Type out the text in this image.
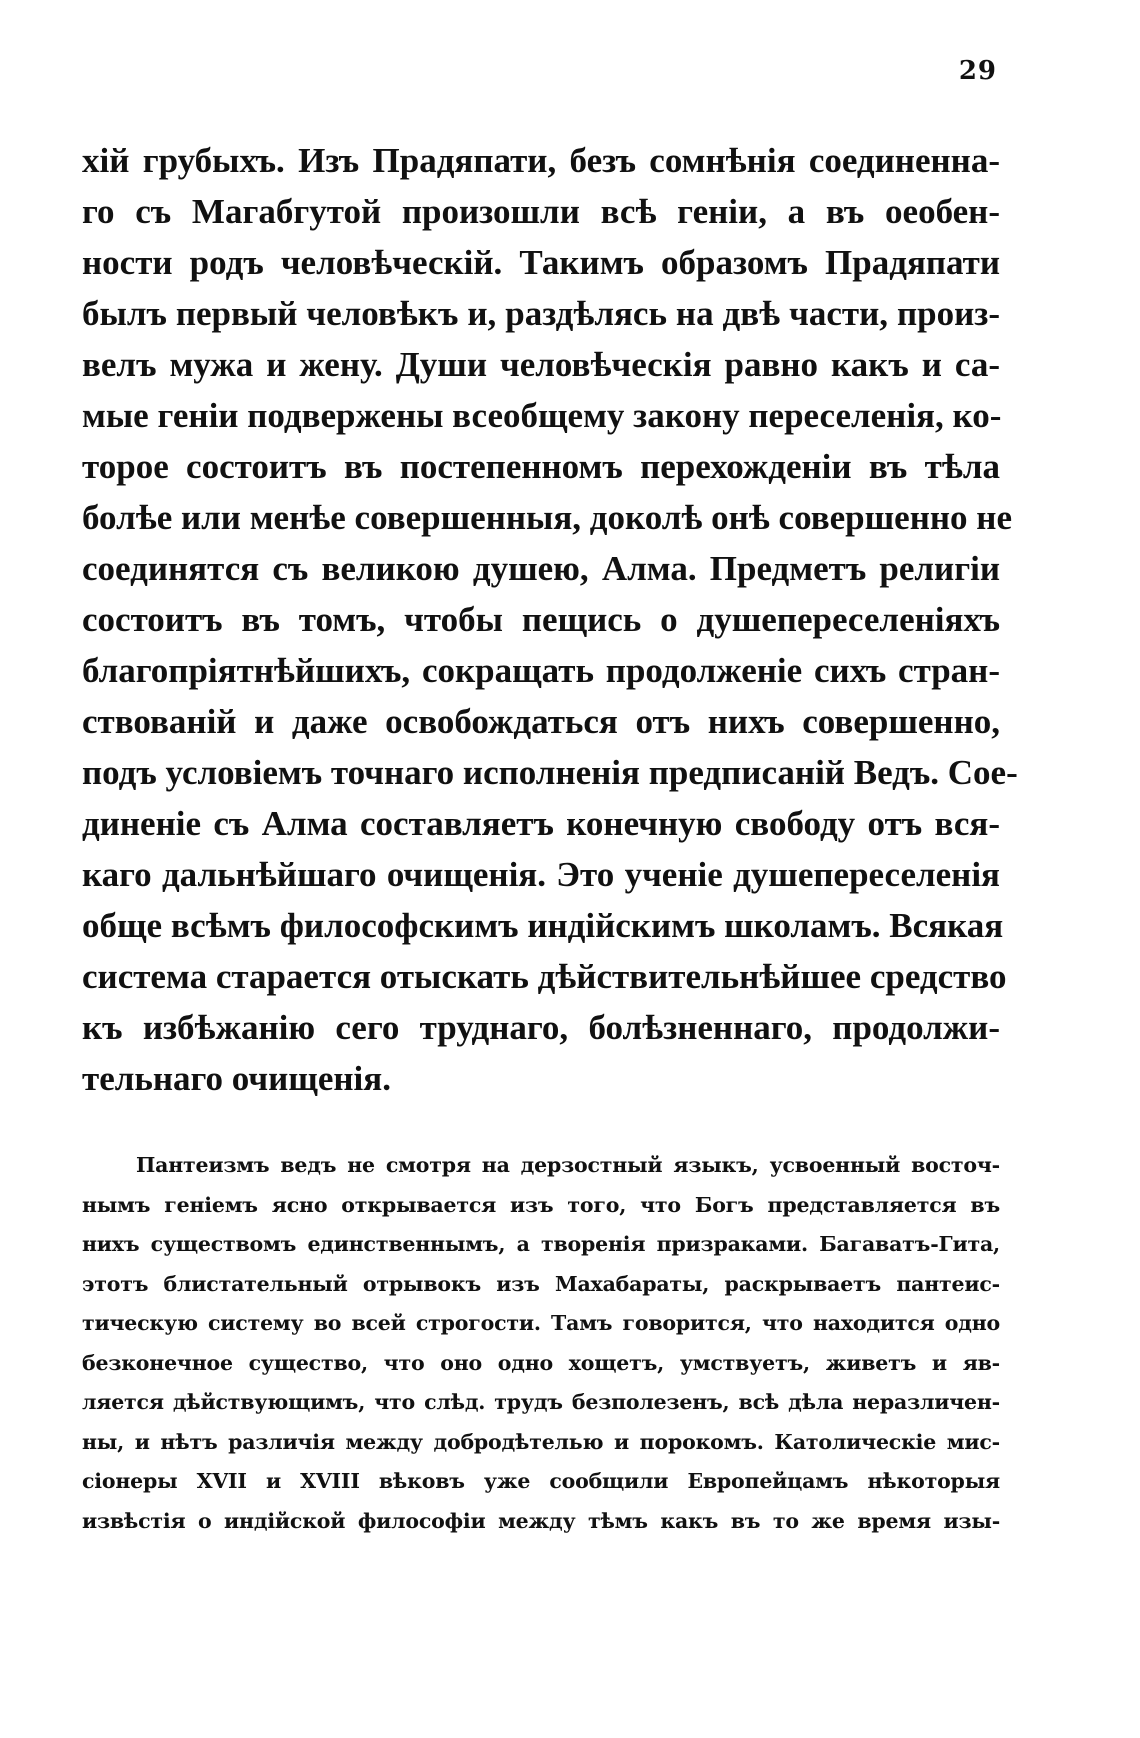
29
хій грубыхъ. Изъ Прадяпати, безъ сомнѣнія соединенна-
го съ Магабгутой произошли всѣ геніи, а въ оеобен-
ности родъ человѣческій. Такимъ образомъ Прадяпати
былъ первый человѣкъ и, раздѣлясь на двѣ части, произ-
велъ мужа и жену. Души человѣческія равно какъ и са-
мые геніи подвержены всеобщему закону переселенія, ко-
торое состоитъ въ постепенномъ перехожденіи въ тѣла
болѣе или менѣе совершенныя, доколѣ онѣ совершенно не
соединятся съ великою душею, Алма. Предметъ религіи
состоитъ въ томъ, чтобы пещись о душепереселеніяхъ
благопріятнѣйшихъ, сокращать продолженіе сихъ стран-
ствованій и даже освобождаться отъ нихъ совершенно,
подъ условіемъ точнаго исполненія предписаній Ведъ. Сое-
диненіе съ Алма составляетъ конечную свободу отъ вся-
каго дальнѣйшаго очищенія. Это ученіе душепереселенія
обще всѣмъ философскимъ индійскимъ школамъ. Всякая
система старается отыскать дѣйствительнѣйшее средство
къ избѣжанію сего труднаго, болѣзненнаго, продолжи-
тельнаго очищенія.
Пантеизмъ ведъ не смотря на дерзостный языкъ, усвоенный восточ-
нымъ геніемъ ясно открывается изъ того, что Богъ представляется въ
нихъ существомъ единственнымъ, а творенія призраками. Багаватъ-Гита,
этотъ блистательный отрывокъ изъ Махабараты, раскрываетъ пантеис-
тическую систему во всей строгости. Тамъ говорится, что находится одно
безконечное существо, что оно одно хощетъ, умствуетъ, живетъ и яв-
ляется дѣйствующимъ, что слѣд. трудъ безполезенъ, всѣ дѣла неразличен-
ны, и нѣтъ различія между добродѣтелью и порокомъ. Католическіе мис-
сіонеры XVII и XVIII вѣковъ уже сообщили Европейцамъ нѣкоторыя
извѣстія о индійской философіи между тѣмъ какъ въ то же время изы-
